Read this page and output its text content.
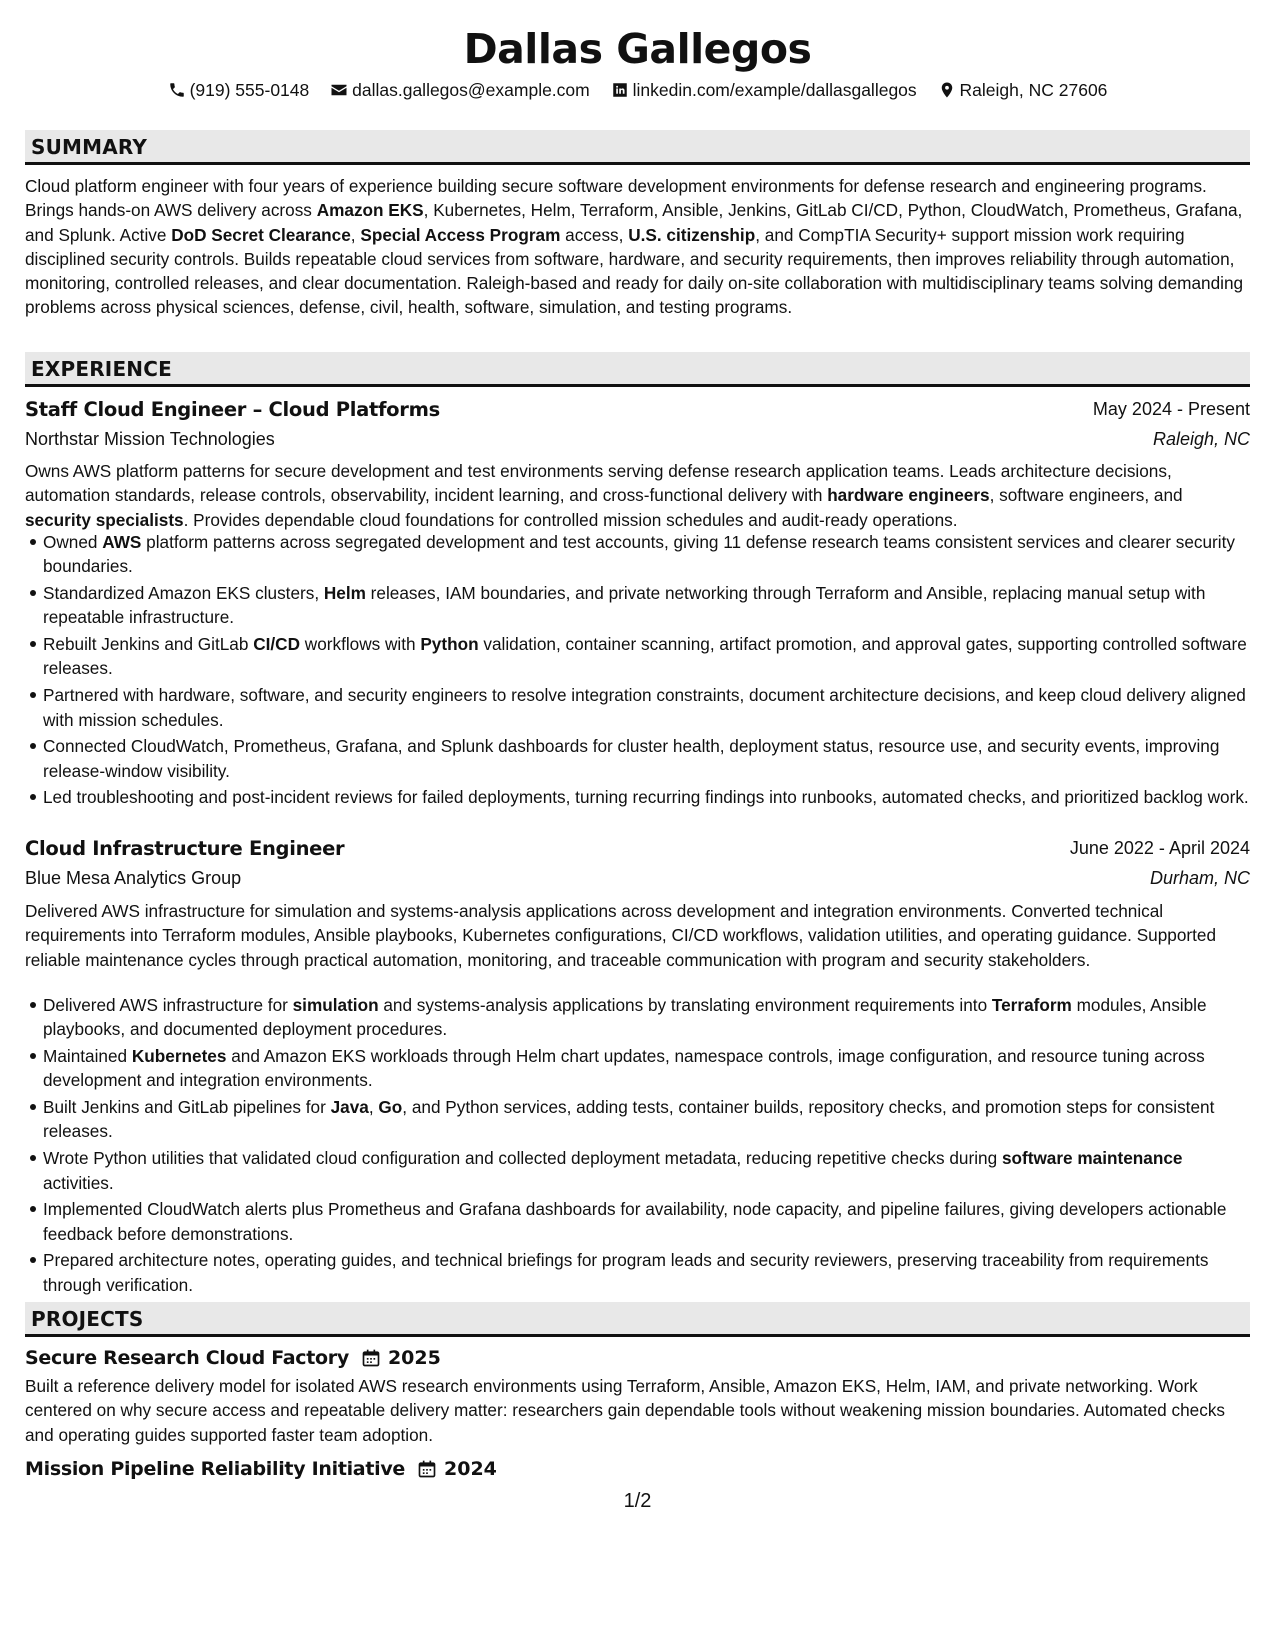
Dallas Gallegos
(919) 555-0148
dallas.gallegos@example.com
linkedin.com/example/dallasgallegos
Raleigh, NC 27606
SUMMARY

Cloud platform engineer with four years of experience building secure software development environments for defense research and engineering programs. Brings hands-on AWS delivery across Amazon EKS, Kubernetes, Helm, Terraform, Ansible, Jenkins, GitLab CI/CD, Python, CloudWatch, Prometheus, Grafana, and Splunk. Active DoD Secret Clearance, Special Access Program access, U.S. citizenship, and CompTIA Security+ support mission work requiring disciplined security controls. Builds repeatable cloud services from software, hardware, and security requirements, then improves reliability through automation, monitoring, controlled releases, and clear documentation. Raleigh-based and ready for daily on-site collaboration with multidisciplinary teams solving demanding problems across physical sciences, defense, civil, health, software, simulation, and testing programs.

EXPERIENCE
Staff Cloud Engineer – Cloud Platforms	May 2024 - Present
Northstar Mission Technologies	Raleigh, NC

Owns AWS platform patterns for secure development and test environments serving defense research application teams. Leads architecture decisions, automation standards, release controls, observability, incident learning, and cross-functional delivery with hardware engineers, software engineers, and security specialists. Provides dependable cloud foundations for controlled mission schedules and audit-ready operations.

Owned AWS platform patterns across segregated development and test accounts, giving 11 defense research teams consistent services and clearer security boundaries.
Standardized Amazon EKS clusters, Helm releases, IAM boundaries, and private networking through Terraform and Ansible, replacing manual setup with repeatable infrastructure.
Rebuilt Jenkins and GitLab CI/CD workflows with Python validation, container scanning, artifact promotion, and approval gates, supporting controlled software releases.
Partnered with hardware, software, and security engineers to resolve integration constraints, document architecture decisions, and keep cloud delivery aligned with mission schedules.
Connected CloudWatch, Prometheus, Grafana, and Splunk dashboards for cluster health, deployment status, resource use, and security events, improving release-window visibility.
Led troubleshooting and post-incident reviews for failed deployments, turning recurring findings into runbooks, automated checks, and prioritized backlog work.
Cloud Infrastructure Engineer	June 2022 - April 2024
Blue Mesa Analytics Group	Durham, NC

Delivered AWS infrastructure for simulation and systems-analysis applications across development and integration environments. Converted technical requirements into Terraform modules, Ansible playbooks, Kubernetes configurations, CI/CD workflows, validation utilities, and operating guidance. Supported reliable maintenance cycles through practical automation, monitoring, and traceable communication with program and security stakeholders.

Delivered AWS infrastructure for simulation and systems-analysis applications by translating environment requirements into Terraform modules, Ansible playbooks, and documented deployment procedures.
Maintained Kubernetes and Amazon EKS workloads through Helm chart updates, namespace controls, image configuration, and resource tuning across development and integration environments.
Built Jenkins and GitLab pipelines for Java, Go, and Python services, adding tests, container builds, repository checks, and promotion steps for consistent releases.
Wrote Python utilities that validated cloud configuration and collected deployment metadata, reducing repetitive checks during software maintenance activities.
Implemented CloudWatch alerts plus Prometheus and Grafana dashboards for availability, node capacity, and pipeline failures, giving developers actionable feedback before demonstrations.
Prepared architecture notes, operating guides, and technical briefings for program leads and security reviewers, preserving traceability from requirements through verification.
PROJECTS
Secure Research Cloud Factory 2025

Built a reference delivery model for isolated AWS research environments using Terraform, Ansible, Amazon EKS, Helm, IAM, and private networking. Work centered on why secure access and repeatable delivery matter: researchers gain dependable tools without weakening mission boundaries. Automated checks and operating guides supported faster team adoption.

Mission Pipeline Reliability Initiative 2024
1/2
